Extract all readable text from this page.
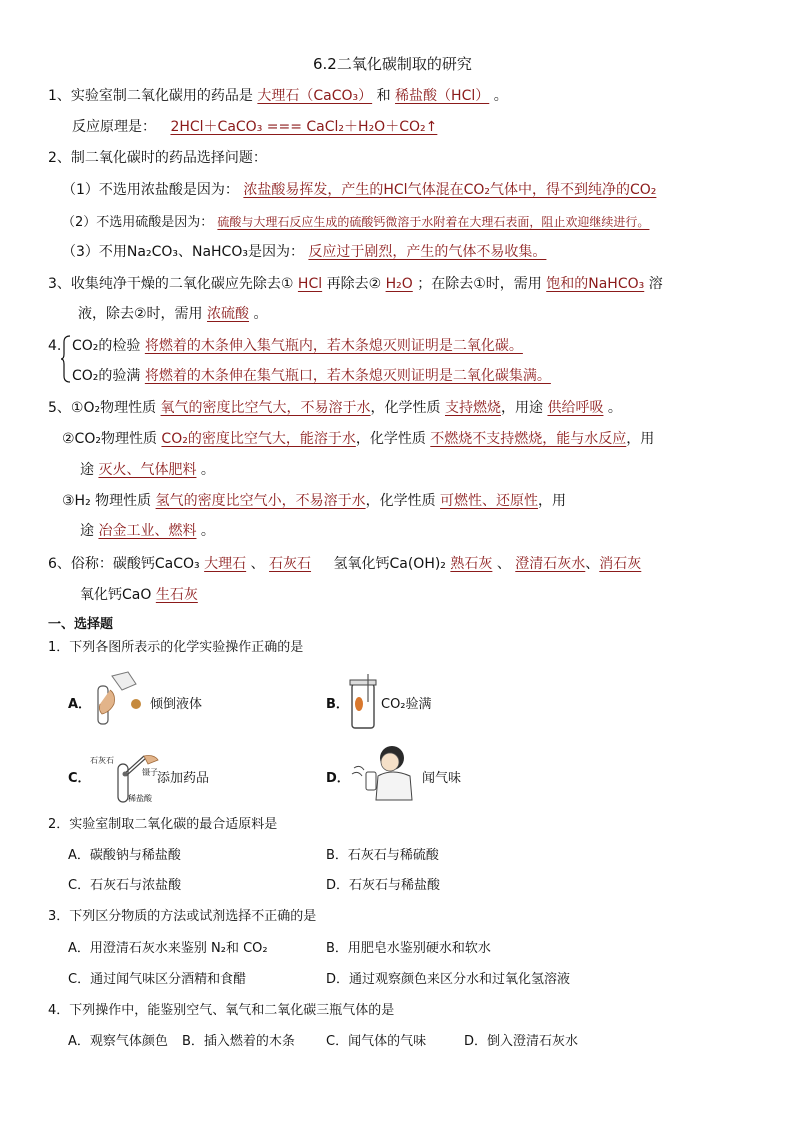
6.2二氧化碳制取的研究
1、实验室制二氧化碳用的药品是 大理石（CaCO₃） 和 稀盐酸（HCl） 。
反应原理是： 2HCl＋CaCO₃ === CaCl₂＋H₂O＋CO₂↑
2、制二氧化碳时的药品选择问题：
（1）不选用浓盐酸是因为： 浓盐酸易挥发，产生的HCl气体混在CO₂气体中，得不到纯净的CO₂
（2）不选用硫酸是因为： 硫酸与大理石反应生成的硫酸钙微溶于水附着在大理石表面，阻止欢迎继续进行。
（3）不用Na₂CO₃、NaHCO₃是因为： 反应过于剧烈，产生的气体不易收集。
3、收集纯净干燥的二氧化碳应先除去① HCl 再除去② H₂O ；在除去①时，需用 饱和的NaHCO₃ 溶
液，除去②时，需用 浓硫酸 。
4. CO₂的检验 将燃着的木条伸入集气瓶内，若木条熄灭则证明是二氧化碳。
CO₂的验满 将燃着的木条伸在集气瓶口，若木条熄灭则证明是二氧化碳集满。
5、①O₂物理性质 氧气的密度比空气大，不易溶于水，化学性质 支持燃烧，用途 供给呼吸 。
②CO₂物理性质 CO₂的密度比空气大，能溶于水，化学性质 不燃烧不支持燃烧，能与水反应，用
途 灭火、气体肥料 。
③H₂ 物理性质 氢气的密度比空气小，不易溶于水，化学性质 可燃性、还原性，用
途 冶金工业、燃料 。
6、俗称：碳酸钙CaCO₃ 大理石 、 石灰石 氢氧化钙Ca(OH)₂ 熟石灰 、 澄清石灰水、消石灰
氧化钙CaO 生石灰
一、选择题
1．下列各图所表示的化学实验操作正确的是
A．	倾倒液体	B． CO₂验满
C．
石灰石
镊子
稀盐酸
添加药品	D．	闻气味
2．实验室制取二氧化碳的最合适原料是
A．碳酸钠与稀盐酸	B．石灰石与稀硫酸
C．石灰石与浓盐酸	D．石灰石与稀盐酸
3．下列区分物质的方法或试剂选择不正确的是
A．用澄清石灰水来鉴别 N₂和 CO₂	B．用肥皂水鉴别硬水和软水
C．通过闻气味区分酒精和食醋	D．通过观察颜色来区分水和过氧化氢溶液
4．下列操作中，能鉴别空气、氧气和二氧化碳三瓶气体的是
A．观察气体颜色 B．插入燃着的木条 C．闻气体的气味	D．倒入澄清石灰水
